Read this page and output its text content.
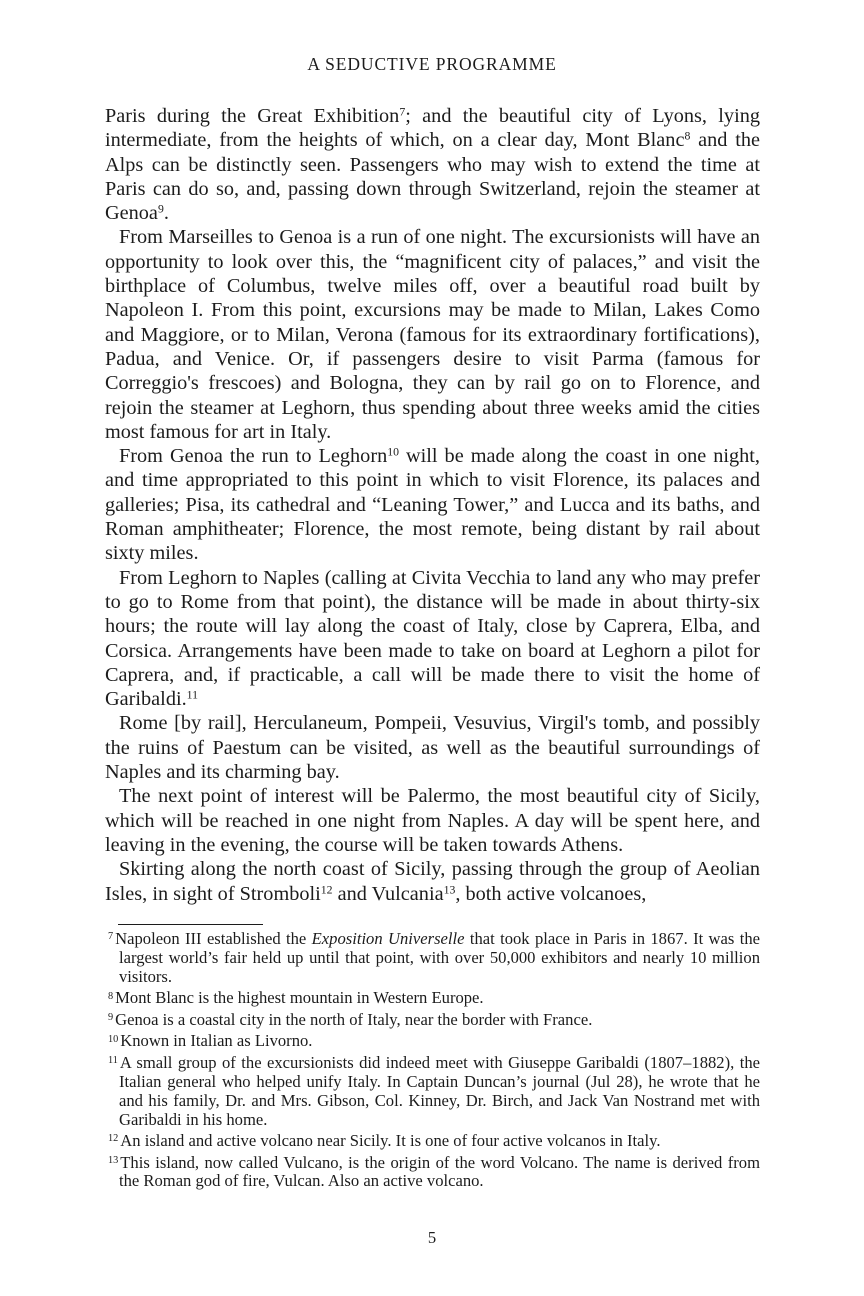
A SEDUCTIVE PROGRAMME

Paris during the Great Exhibition$^7$; and the beautiful city of Lyons, lying intermediate, from the heights of which, on a clear day, Mont Blanc$^8$ and the Alps can be distinctly seen. Passengers who may wish to extend the time at Paris can do so, and, passing down through Switzerland, rejoin the steamer at Genoa$^9$.

From Marseilles to Genoa is a run of one night. The excursionists will have an opportunity to look over this, the “magnificent city of palaces,” and visit the birthplace of Columbus, twelve miles off, over a beautiful road built by Napoleon I. From this point, excursions may be made to Milan, Lakes Como and Maggiore, or to Milan, Verona (famous for its extraordinary fortifications), Padua, and Venice. Or, if passengers desire to visit Parma (famous for Correggio's frescoes) and Bologna, they can by rail go on to Florence, and rejoin the steamer at Leghorn, thus spending about three weeks amid the cities most famous for art in Italy.

From Genoa the run to Leghorn$^{10}$ will be made along the coast in one night, and time appropriated to this point in which to visit Florence, its palaces and galleries; Pisa, its cathedral and “Leaning Tower,” and Lucca and its baths, and Roman amphitheater; Florence, the most remote, being distant by rail about sixty miles.

From Leghorn to Naples (calling at Civita Vecchia to land any who may prefer to go to Rome from that point), the distance will be made in about thirty-six hours; the route will lay along the coast of Italy, close by Caprera, Elba, and Corsica. Arrangements have been made to take on board at Leghorn a pilot for Caprera, and, if practicable, a call will be made there to visit the home of Garibaldi.$^{11}$

Rome [by rail], Herculaneum, Pompeii, Vesuvius, Virgil's tomb, and possibly the ruins of Paestum can be visited, as well as the beautiful surroundings of Naples and its charming bay.

The next point of interest will be Palermo, the most beautiful city of Sicily, which will be reached in one night from Naples. A day will be spent here, and leaving in the evening, the course will be taken towards Athens.

Skirting along the north coast of Sicily, passing through the group of Aeolian Isles, in sight of Stromboli$^{12}$ and Vulcania$^{13}$, both active volcanoes,

$^7$ Napoleon III established the Exposition Universelle that took place in Paris in 1867. It was the largest world’s fair held up until that point, with over 50,000 exhibitors and nearly 10 million visitors.
$^8$ Mont Blanc is the highest mountain in Western Europe.
$^9$ Genoa is a coastal city in the north of Italy, near the border with France.
$^{10}$ Known in Italian as Livorno.
$^{11}$ A small group of the excursionists did indeed meet with Giuseppe Garibaldi (1807–1882), the Italian general who helped unify Italy. In Captain Duncan’s journal (Jul 28), he wrote that he and his family, Dr. and Mrs. Gibson, Col. Kinney, Dr. Birch, and Jack Van Nostrand met with Garibaldi in his home.
$^{12}$ An island and active volcano near Sicily. It is one of four active volcanos in Italy.
$^{13}$ This island, now called Vulcano, is the origin of the word Volcano. The name is derived from the Roman god of fire, Vulcan. Also an active volcano.
5
